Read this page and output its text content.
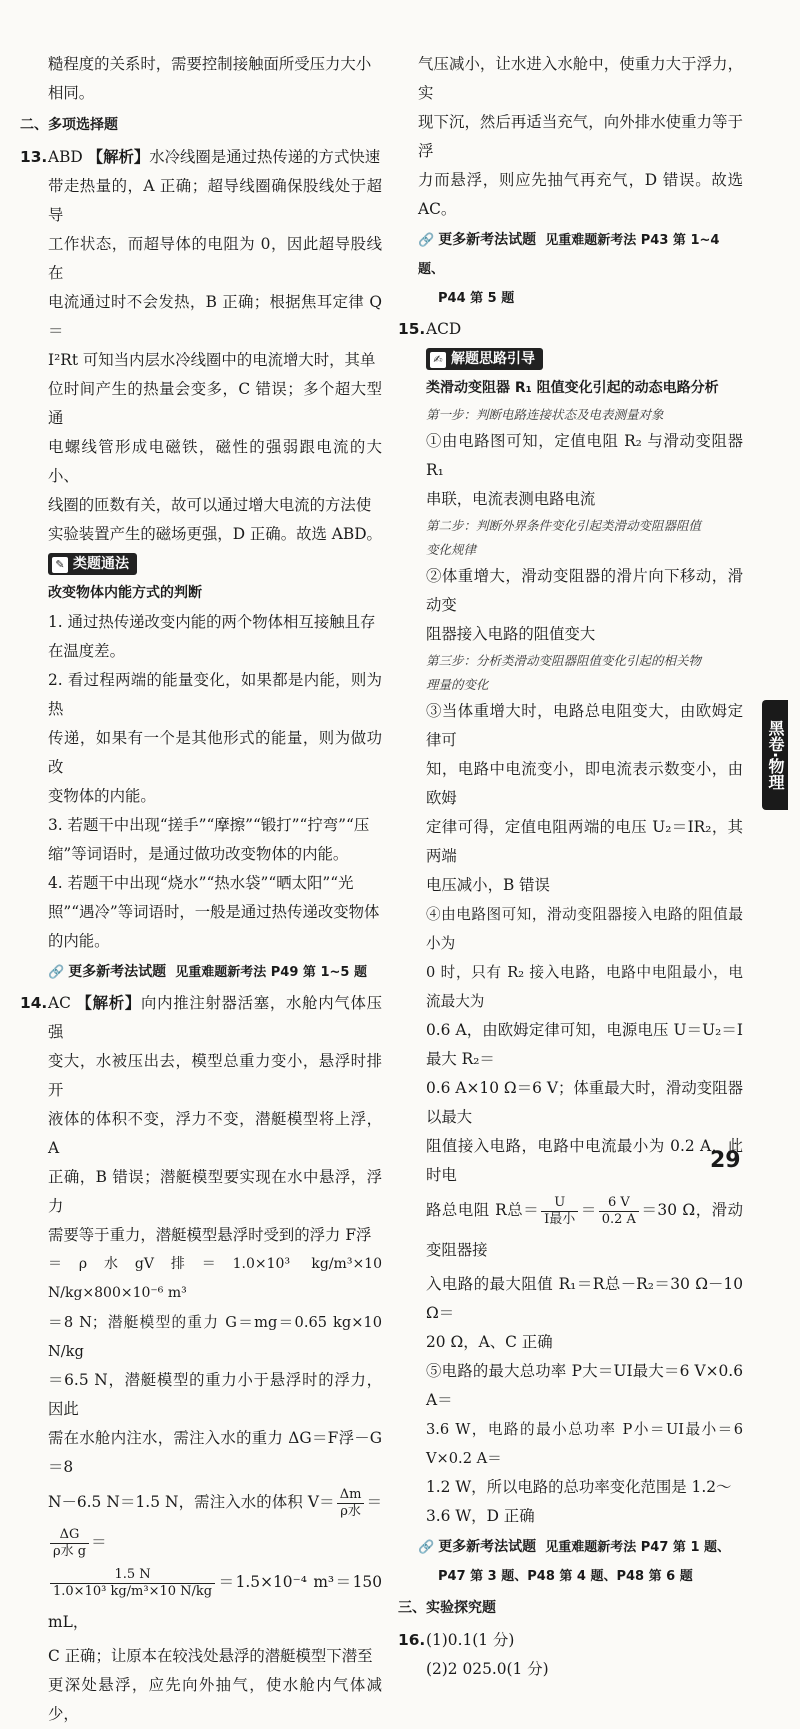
糙程度的关系时，需要控制接触面所受压力大小

相同。

二、多项选择题

13.ABD 【解析】水冷线圈是通过热传递的方式快速

带走热量的，A 正确；超导线圈确保股线处于超导

工作状态，而超导体的电阻为 0，因此超导股线在

电流通过时不会发热，B 正确；根据焦耳定律 Q＝

I²Rt 可知当内层水冷线圈中的电流增大时，其单

位时间产生的热量会变多，C 错误；多个超大型通

电螺线管形成电磁铁，磁性的强弱跟电流的大小、

线圈的匝数有关，故可以通过增大电流的方法使

实验装置产生的磁场更强，D 正确。故选 ABD。

✎ 类题通法

改变物体内能方式的判断

1. 通过热传递改变内能的两个物体相互接触且存

在温度差。

2. 看过程两端的能量变化，如果都是内能，则为热

传递，如果有一个是其他形式的能量，则为做功改

变物体的内能。

3. 若题干中出现“搓手”“摩擦”“锻打”“拧弯”“压

缩”等词语时，是通过做功改变物体的内能。

4. 若题干中出现“烧水”“热水袋”“晒太阳”“光

照”“遇冷”等词语时，一般是通过热传递改变物体

的内能。

🔗 更多新考法试题 见重难题新考法 P49 第 1~5 题

14.AC 【解析】向内推注射器活塞，水舱内气体压强

变大，水被压出去，模型总重力变小，悬浮时排开

液体的体积不变，浮力不变，潜艇模型将上浮，A

正确，B 错误；潜艇模型要实现在水中悬浮，浮力

需要等于重力，潜艇模型悬浮时受到的浮力 F浮

＝ρ水gV排＝1.0×10³ kg/m³×10 N/kg×800×10⁻⁶ m³

＝8 N；潜艇模型的重力 G＝mg＝0.65 kg×10 N/kg

＝6.5 N，潜艇模型的重力小于悬浮时的浮力，因此

需在水舱内注水，需注入水的重力 ΔG＝F浮－G＝8

N－6.5 N＝1.5 N，需注入水的体积 $V= \frac{\Delta m}{\text{ρ水}}$ ＝
$\frac{\Delta G}{\text{ρ水 g}}$ ＝

$\frac{1.5 N}{\text{1.0×10³ kg/m³×10 N/kg}} =1.5\times 10^{-4}$ m³＝150 mL，

C 正确；让原本在较浅处悬浮的潜艇模型下潜至

更深处悬浮，应先向外抽气，使水舱内气体减少，

气压减小，让水进入水舱中，使重力大于浮力，实

现下沉，然后再适当充气，向外排水使重力等于浮

力而悬浮，则应先抽气再充气，D 错误。故选 AC。

🔗 更多新考法试题 见重难题新考法 P43 第 1~4 题、
P44 第 5 题

15.ACD

✍ 解题思路引导

类滑动变阻器 R₁ 阻值变化引起的动态电路分析

第一步：判断电路连接状态及电表测量对象

①由电路图可知，定值电阻 R₂ 与滑动变阻器 R₁

串联，电流表测电路电流

第二步：判断外界条件变化引起类滑动变阻器阻值

变化规律

②体重增大，滑动变阻器的滑片向下移动，滑动变

阻器接入电路的阻值变大

第三步：分析类滑动变阻器阻值变化引起的相关物

理量的变化

③当体重增大时，电路总电阻变大，由欧姆定律可

知，电路中电流变小，即电流表示数变小，由欧姆

定律可得，定值电阻两端的电压 U₂＝IR₂，其两端

电压减小，B 错误

④由电路图可知，滑动变阻器接入电路的阻值最小为

0 时，只有 R₂ 接入电路，电路中电阻最小，电流最大为

0.6 A，由欧姆定律可知，电源电压 U＝U₂＝I最大 R₂＝

0.6 A×10 Ω＝6 V；体重最大时，滑动变阻器以最大

阻值接入电路，电路中电流最小为 0.2 A，此时电

路总电阻 R总＝ $\frac{U}{\text{I最小}} = \frac{6 V}{0.2 A} =30$ Ω，滑动变阻器接

入电路的最大阻值 R₁＝R总－R₂＝30 Ω－10 Ω＝

20 Ω，A、C 正确

⑤电路的最大总功率 P大＝UI最大＝6 V×0.6 A＝

3.6 W，电路的最小总功率 P小＝UI最小＝6 V×0.2 A＝

1.2 W，所以电路的总功率变化范围是 1.2～

3.6 W，D 正确

🔗 更多新考法试题 见重难题新考法 P47 第 1 题、
P47 第 3 题、P48 第 4 题、P48 第 6 题
三、实验探究题

16.(1)0.1(1 分)

(2)2 025.0(1 分)

黑卷·物理
29
